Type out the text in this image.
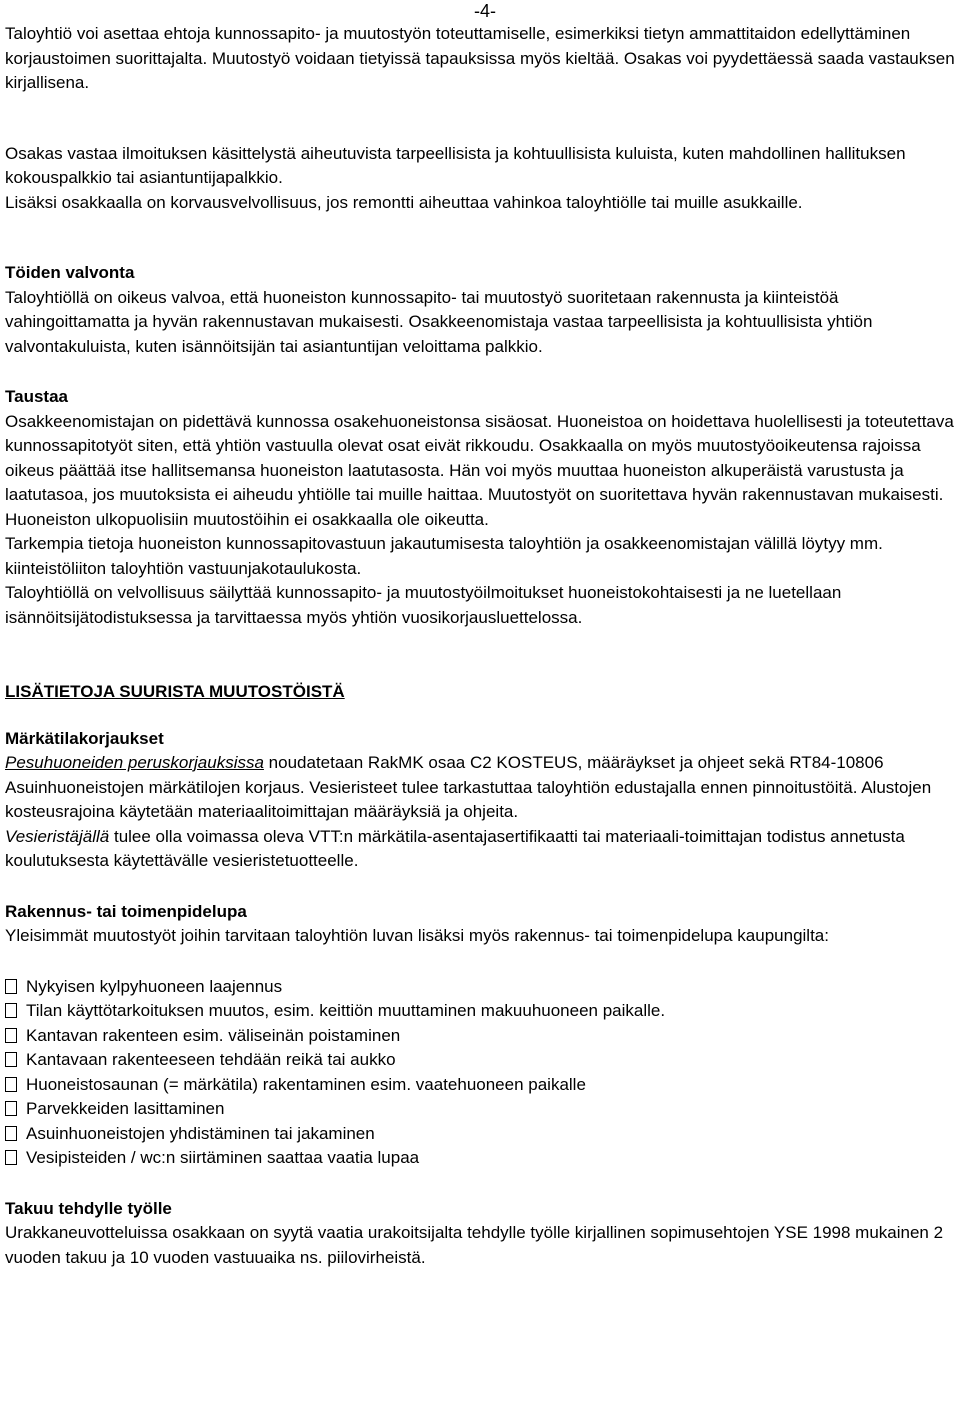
-4-

Taloyhtiö voi asettaa ehtoja kunnossapito- ja muutostyön toteuttamiselle, esimerkiksi tietyn ammattitaidon edellyttäminen korjaustoimen suorittajalta. Muutostyö voidaan tietyissä tapauksissa myös kieltää. Osakas voi pyydettäessä saada vastauksen kirjallisena.

Osakas vastaa ilmoituksen käsittelystä aiheutuvista tarpeellisista ja kohtuullisista kuluista, kuten mahdollinen hallituksen kokouspalkkio tai asiantuntijapalkkio.

Lisäksi osakkaalla on korvausvelvollisuus, jos remontti aiheuttaa vahinkoa taloyhtiölle tai muille asukkaille.

Töiden valvonta

Taloyhtiöllä on oikeus valvoa, että huoneiston kunnossapito- tai muutostyö suoritetaan rakennusta ja kiinteistöä vahingoittamatta ja hyvän rakennustavan mukaisesti. Osakkeenomistaja vastaa tarpeellisista ja kohtuullisista yhtiön valvontakuluista, kuten isännöitsijän tai asiantuntijan veloittama palkkio.

Taustaa

Osakkeenomistajan on pidettävä kunnossa osakehuoneistonsa sisäosat. Huoneistoa on hoidettava huolellisesti ja toteutettava kunnossapitotyöt siten, että yhtiön vastuulla olevat osat eivät rikkoudu. Osakkaalla on myös muutostyöoikeutensa rajoissa oikeus päättää itse hallitsemansa huoneiston laatutasosta. Hän voi myös muuttaa huoneiston alkuperäistä varustusta ja laatutasoa, jos muutoksista ei aiheudu yhtiölle tai muille haittaa. Muutostyöt on suoritettava hyvän rakennustavan mukaisesti. Huoneiston ulkopuolisiin muutostöihin ei osakkaalla ole oikeutta.

Tarkempia tietoja huoneiston kunnossapitovastuun jakautumisesta taloyhtiön ja osakkeenomistajan välillä löytyy mm. kiinteistöliiton taloyhtiön vastuunjakotaulukosta.

Taloyhtiöllä on velvollisuus säilyttää kunnossapito- ja muutostyöilmoitukset huoneistokohtaisesti ja ne luetellaan isännöitsijätodistuksessa ja tarvittaessa myös yhtiön vuosikorjausluettelossa.

LISÄTIETOJA SUURISTA MUUTOSTÖISTÄ

Märkätilakorjaukset

Pesuhuoneiden peruskorjauksissa noudatetaan RakMK osaa C2 KOSTEUS, määräykset ja ohjeet sekä RT84-10806 Asuinhuoneistojen märkätilojen korjaus. Vesieristeet tulee tarkastuttaa taloyhtiön edustajalla ennen pinnoitustöitä. Alustojen kosteusrajoina käytetään materiaalitoimittajan määräyksiä ja ohjeita.

Vesieristäjällä tulee olla voimassa oleva VTT:n märkätila-asentajasertifikaatti tai materiaali-toimittajan todistus annetusta koulutuksesta käytettävälle vesieristetuotteelle.

Rakennus- tai toimenpidelupa

Yleisimmät muutostyöt joihin tarvitaan taloyhtiön luvan lisäksi myös rakennus- tai toimenpidelupa kaupungilta:

Nykyisen kylpyhuoneen laajennus
Tilan käyttötarkoituksen muutos, esim. keittiön muuttaminen makuuhuoneen paikalle.
Kantavan rakenteen esim. väliseinän poistaminen
Kantavaan rakenteeseen tehdään reikä tai aukko
Huoneistosaunan (= märkätila) rakentaminen esim. vaatehuoneen paikalle
Parvekkeiden lasittaminen
Asuinhuoneistojen yhdistäminen tai jakaminen
Vesipisteiden / wc:n siirtäminen saattaa vaatia lupaa

Takuu tehdylle työlle

Urakkaneuvotteluissa osakkaan on syytä vaatia urakoitsijalta tehdylle työlle kirjallinen sopimusehtojen YSE 1998 mukainen 2 vuoden takuu ja 10 vuoden vastuuaika ns. piilovirheistä.
